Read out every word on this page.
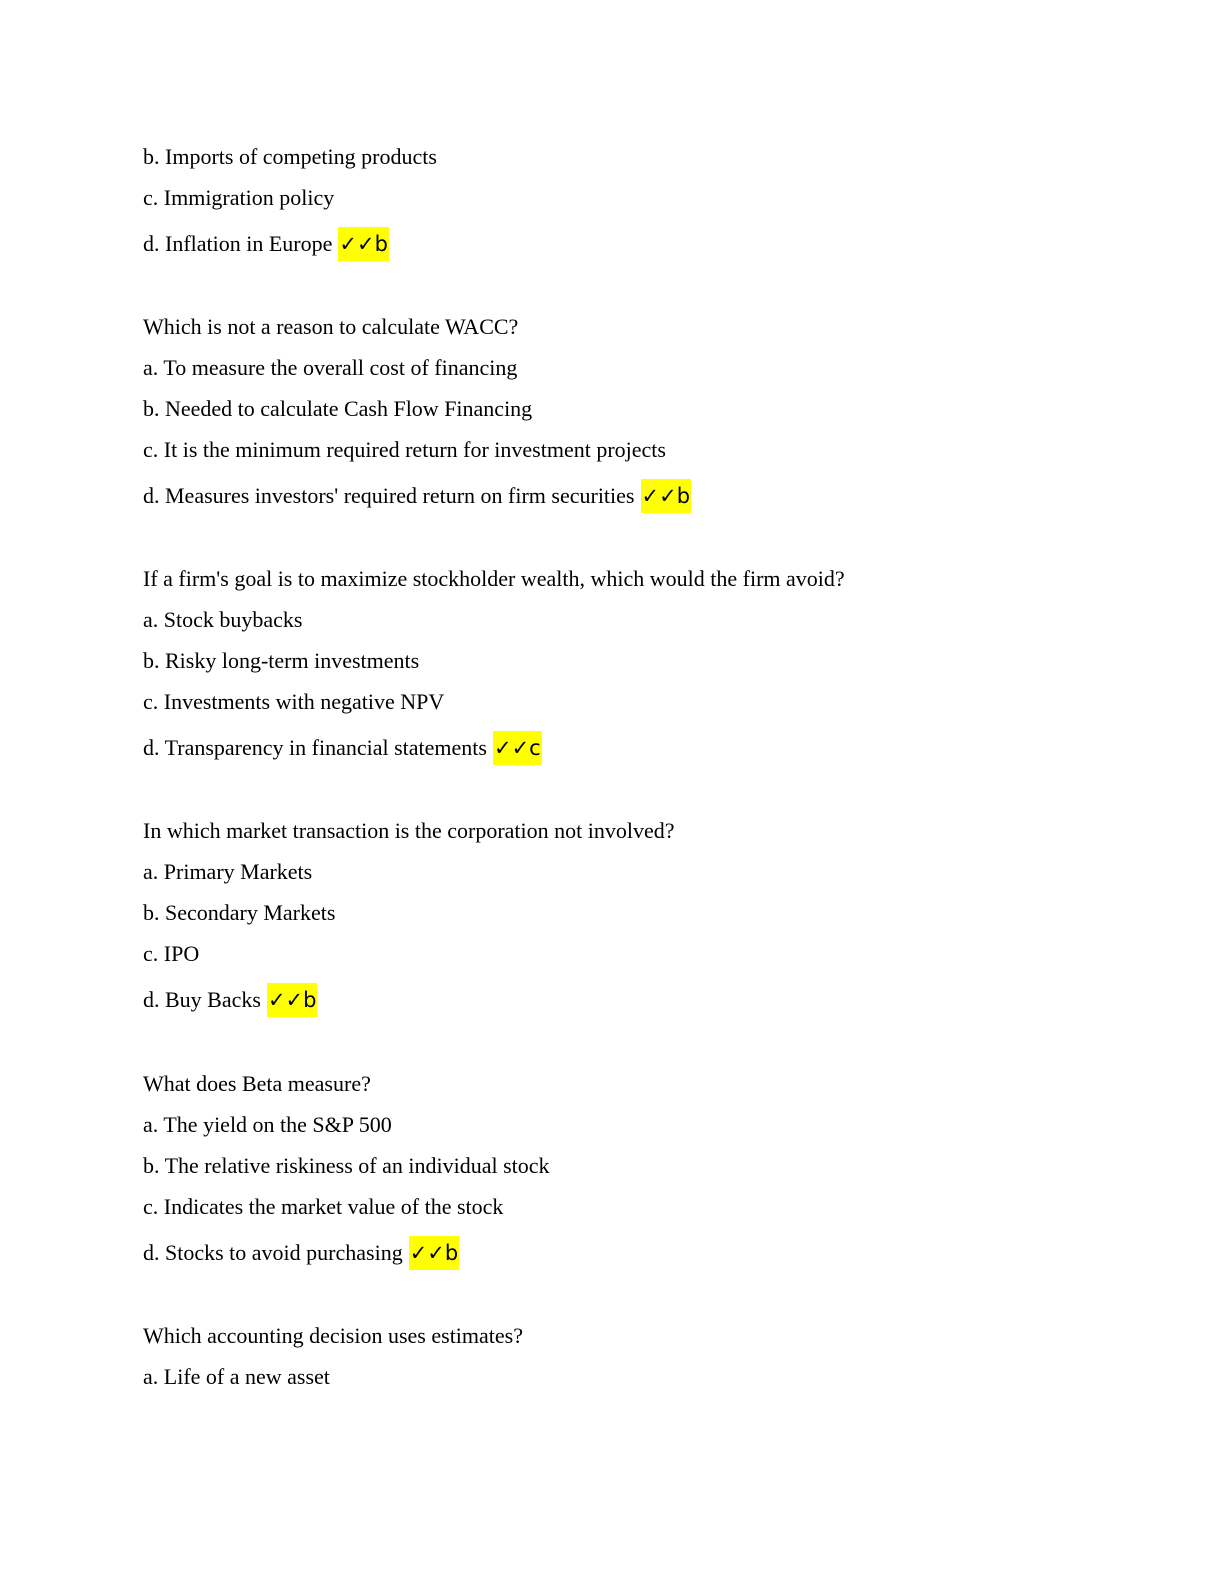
b. Imports of competing products
c. Immigration policy
d. Inflation in Europe ✓✓b
Which is not a reason to calculate WACC?
a. To measure the overall cost of financing
b. Needed to calculate Cash Flow Financing
c. It is the minimum required return for investment projects
d. Measures investors' required return on firm securities ✓✓b
If a firm's goal is to maximize stockholder wealth, which would the firm avoid?
a. Stock buybacks
b. Risky long-term investments
c. Investments with negative NPV
d. Transparency in financial statements ✓✓c
In which market transaction is the corporation not involved?
a. Primary Markets
b. Secondary Markets
c. IPO
d. Buy Backs ✓✓b
What does Beta measure?
a. The yield on the S&P 500
b. The relative riskiness of an individual stock
c. Indicates the market value of the stock
d. Stocks to avoid purchasing ✓✓b
Which accounting decision uses estimates?
a. Life of a new asset
